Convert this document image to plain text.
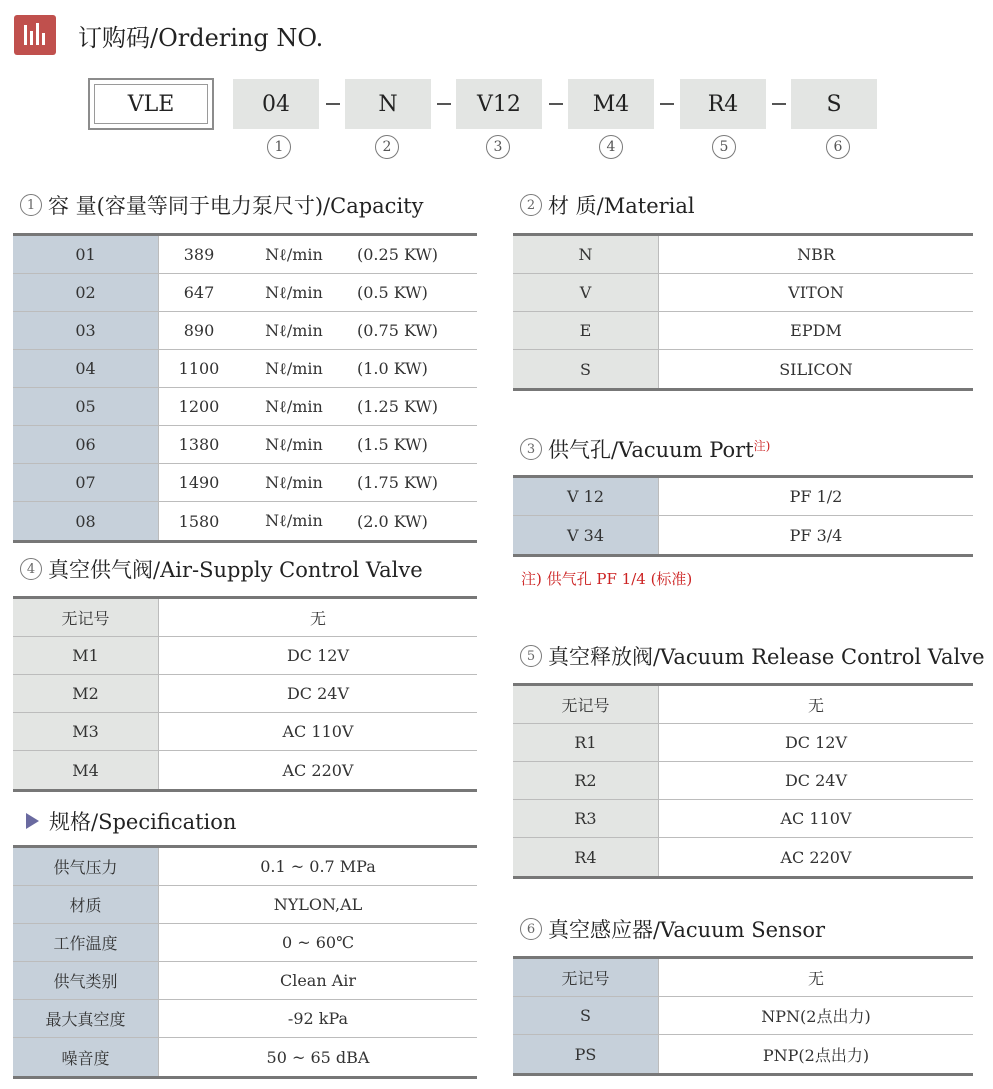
订购码/Ordering NO.
VLE	04	N	V12	M4	R4	S
1	2	3	4	5	6
1 容 量(容量等同于电力泵尺寸)/Capacity
01	389	Nℓ/min	(0.25 KW)
02	647	Nℓ/min	(0.5 KW)
03	890	Nℓ/min	(0.75 KW)
04	1100	Nℓ/min	(1.0 KW)
05	1200	Nℓ/min	(1.25 KW)
06	1380	Nℓ/min	(1.5 KW)
07	1490	Nℓ/min	(1.75 KW)
08	1580	Nℓ/min	(2.0 KW)
2 材 质/Material
N	NBR
V	VITON
E	EPDM
S	SILICON
3 供气孔/Vacuum Port$^{注)}$
V 12	PF 1/2
V 34	PF 3/4
注) 供气孔 PF 1/4 (标准)
4 真空供气阀/Air-Supply Control Valve
无记号	无
M1	DC 12V
M2	DC 24V
M3	AC 110V
M4	AC 220V
5 真空释放阀/Vacuum Release Control Valve
无记号	无
R1	DC 12V
R2	DC 24V
R3	AC 110V
R4	AC 220V
规格/Specification
供气压力	0.1 ~ 0.7 MPa
材质	NYLON,AL
工作温度	0 ~ 60℃
供气类别	Clean Air
最大真空度	-92 kPa
噪音度	50 ~ 65 dBA
6 真空感应器/Vacuum Sensor
无记号	无
S	NPN(2点出力)
PS	PNP(2点出力)
